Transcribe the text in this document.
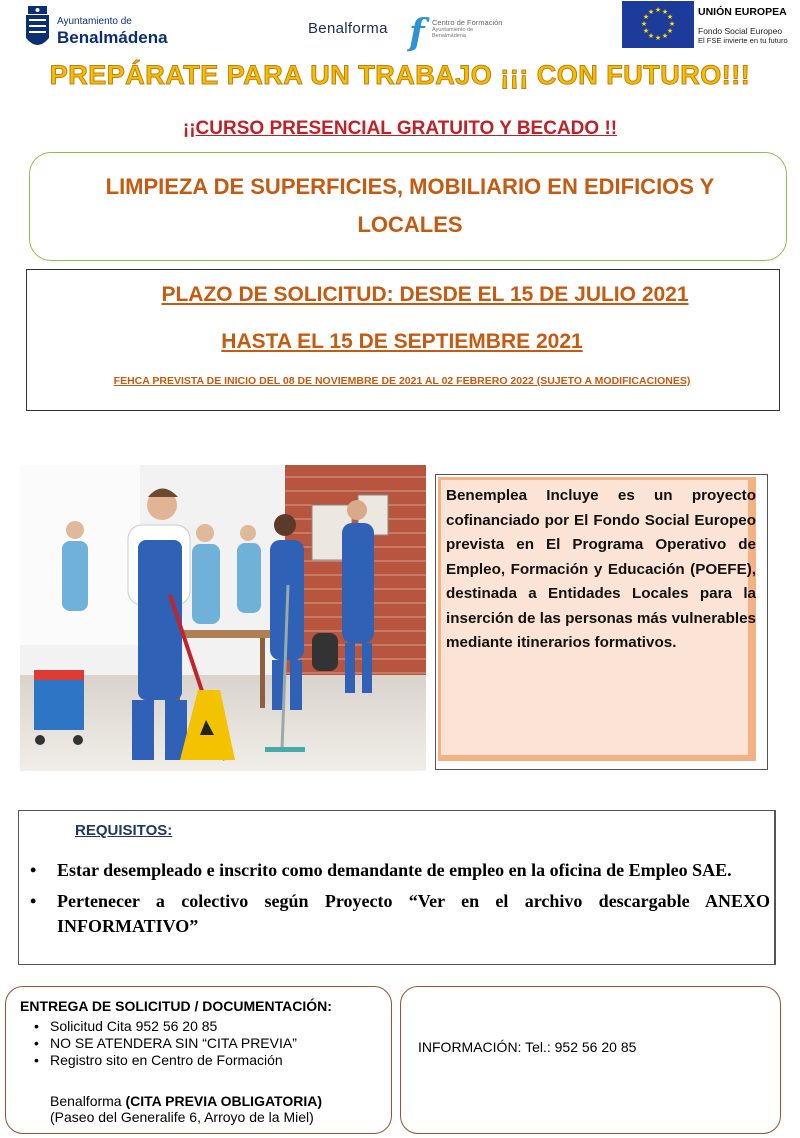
Ayuntamiento de
Benalmádena	Benalforma f Centro de Formación
Ayuntamiento de Benalmádena
★ ★
★
★
★
★
★
★
★
★
★
★	UNIÓN EUROPEA
Fondo Social Europeo
El FSE invierte en tu futuro
PREPÁRATE PARA UN TRABAJO ¡¡¡ CON FUTURO!!!
¡¡CURSO PRESENCIAL GRATUITO Y BECADO !!
LIMPIEZA DE SUPERFICIES, MOBILIARIO EN EDIFICIOS Y LOCALES
PLAZO DE SOLICITUD: DESDE EL 15 DE JULIO 2021
HASTA EL 15 DE SEPTIEMBRE 2021
FEHCA PREVISTA DE INICIO DEL 08 DE NOVIEMBRE DE 2021 AL 02 FEBRERO 2022 (SUJETO A MODIFICACIONES)
Benemplea Incluye es un proyecto cofinanciado por El Fondo Social Europeo prevista en El Programa Operativo de Empleo, Formación y Educación (POEFE), destinada a Entidades Locales para la inserción de las personas más vulnerables mediante itinerarios formativos.
REQUISITOS:
• Estar desempleado e inscrito como demandante de empleo en la oficina de Empleo SAE.
• Pertenecer a colectivo según Proyecto “Ver en el archivo descargable ANEXO INFORMATIVO”
ENTREGA DE SOLICITUD / DOCUMENTACIÓN:
• Solicitud Cita 952 56 20 85
• NO SE ATENDERA SIN “CITA PREVIA”
• Registro sito en Centro de Formación
Benalforma (CITA PREVIA OBLIGATORIA)
(Paseo del Generalife 6, Arroyo de la Miel)
INFORMACIÓN: Tel.: 952 56 20 85
